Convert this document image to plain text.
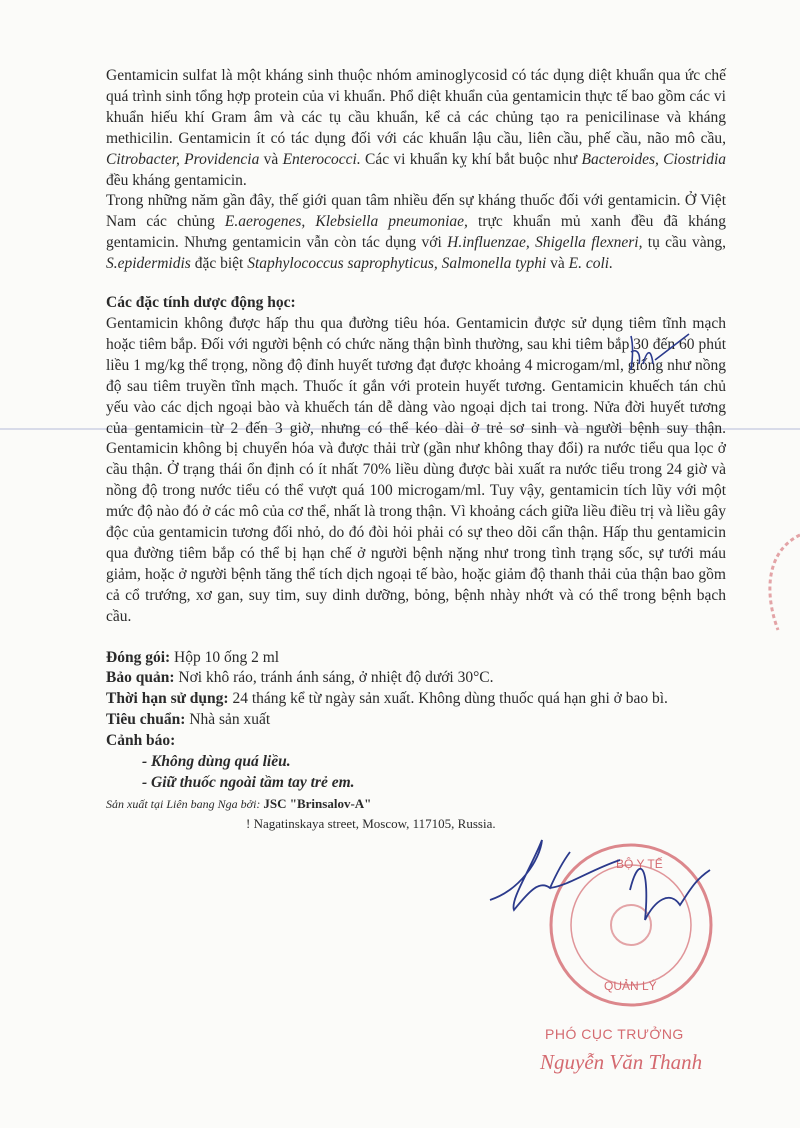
Gentamicin sulfat là một kháng sinh thuộc nhóm aminoglycosid có tác dụng diệt khuẩn qua ức chế quá trình sinh tổng hợp protein của vi khuẩn. Phổ diệt khuẩn của gentamicin thực tế bao gồm các vi khuẩn hiếu khí Gram âm và các tụ cầu khuẩn, kể cả các chủng tạo ra penicilinase và kháng methicilin. Gentamicin ít có tác dụng đối với các khuẩn lậu cầu, liên cầu, phế cầu, não mô cầu, Citrobacter, Providencia và Enterococci. Các vi khuẩn kỵ khí bắt buộc như Bacteroides, Ciostridia đều kháng gentamicin.

Trong những năm gần đây, thế giới quan tâm nhiều đến sự kháng thuốc đối với gentamicin. Ở Việt Nam các chủng E.aerogenes, Klebsiella pneumoniae, trực khuẩn mủ xanh đều đã kháng gentamicin. Nhưng gentamicin vẫn còn tác dụng với H.influenzae, Shigella flexneri, tụ cầu vàng, S.epidermidis đặc biệt Staphylococcus saprophyticus, Salmonella typhi và E. coli.

Các đặc tính dược động học:

Gentamicin không được hấp thu qua đường tiêu hóa. Gentamicin được sử dụng tiêm tĩnh mạch hoặc tiêm bắp. Đối với người bệnh có chức năng thận bình thường, sau khi tiêm bắp 30 đến 60 phút liều 1 mg/kg thể trọng, nồng độ đỉnh huyết tương đạt được khoảng 4 microgam/ml, giống như nồng độ sau tiêm truyền tĩnh mạch. Thuốc ít gắn với protein huyết tương. Gentamicin khuếch tán chủ yếu vào các dịch ngoại bào và khuếch tán dễ dàng vào ngoại dịch tai trong. Nửa đời huyết tương của gentamicin từ 2 đến 3 giờ, nhưng có thể kéo dài ở trẻ sơ sinh và người bệnh suy thận. Gentamicin không bị chuyển hóa và được thải trừ (gần như không thay đổi) ra nước tiểu qua lọc ở cầu thận. Ở trạng thái ổn định có ít nhất 70% liều dùng được bài xuất ra nước tiểu trong 24 giờ và nồng độ trong nước tiểu có thể vượt quá 100 microgam/ml. Tuy vậy, gentamicin tích lũy với một mức độ nào đó ở các mô của cơ thể, nhất là trong thận. Vì khoảng cách giữa liều điều trị và liều gây độc của gentamicin tương đối nhỏ, do đó đòi hỏi phải có sự theo dõi cẩn thận. Hấp thu gentamicin qua đường tiêm bắp có thể bị hạn chế ở người bệnh nặng như trong tình trạng sốc, sự tưới máu giảm, hoặc ở người bệnh tăng thể tích dịch ngoại tế bào, hoặc giảm độ thanh thải của thận bao gồm cả cổ trướng, xơ gan, suy tim, suy dinh dưỡng, bỏng, bệnh nhày nhớt và có thể trong bệnh bạch cầu.

Đóng gói: Hộp 10 ống 2 ml

Bảo quản: Nơi khô ráo, tránh ánh sáng, ở nhiệt độ dưới 30°C.

Thời hạn sử dụng: 24 tháng kể từ ngày sản xuất. Không dùng thuốc quá hạn ghi ở bao bì.

Tiêu chuẩn: Nhà sản xuất

Cảnh báo:

- Không dùng quá liều.

- Giữ thuốc ngoài tầm tay trẻ em.

Sản xuất tại Liên bang Nga bởi: JSC "Brinsalov-A"

! Nagatinskaya street, Moscow, 117105, Russia.

BỘ Y TẾ
QUẢN LÝ
PHÓ CỤC TRƯỞNG
Nguyễn Văn Thanh
